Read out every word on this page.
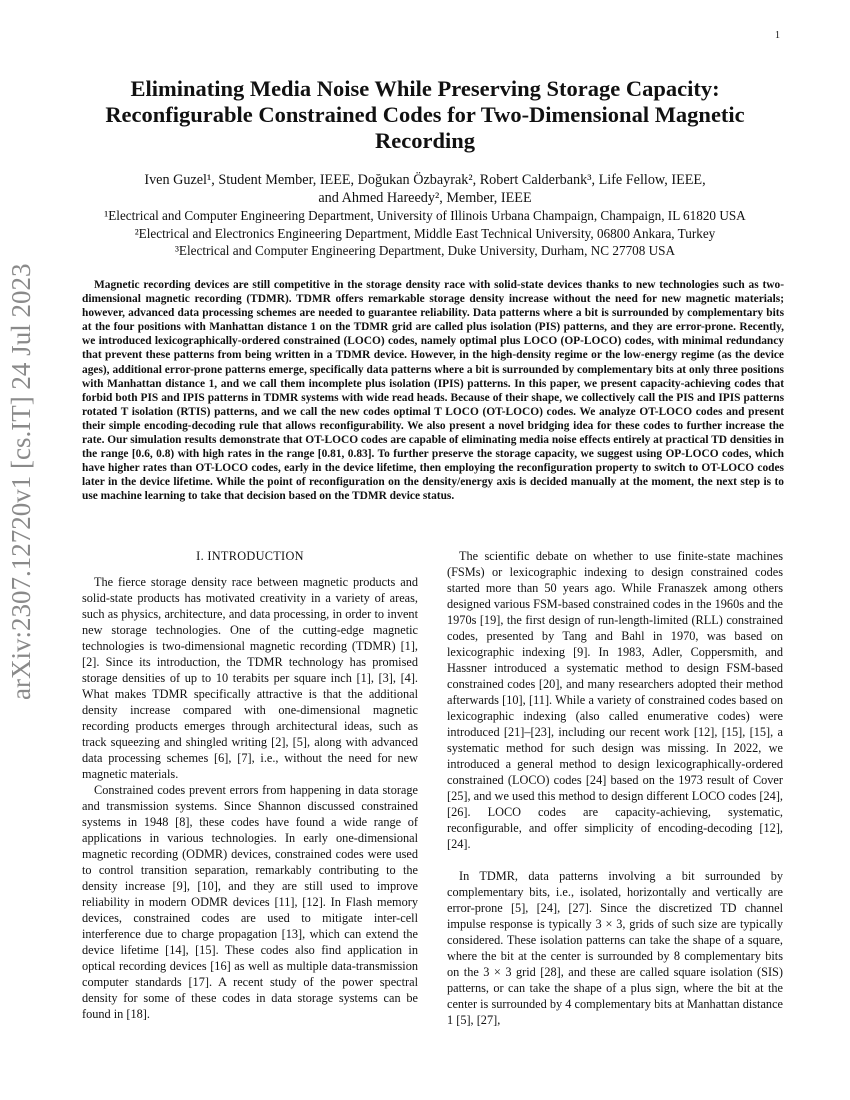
1
arXiv:2307.12720v1 [cs.IT] 24 Jul 2023
Eliminating Media Noise While Preserving Storage Capacity: Reconfigurable Constrained Codes for Two-Dimensional Magnetic Recording
Iven Guzel¹, Student Member, IEEE, Doğukan Özbayrak², Robert Calderbank³, Life Fellow, IEEE,
and Ahmed Hareedy², Member, IEEE
¹Electrical and Computer Engineering Department, University of Illinois Urbana Champaign, Champaign, IL 61820 USA
²Electrical and Electronics Engineering Department, Middle East Technical University, 06800 Ankara, Turkey
³Electrical and Computer Engineering Department, Duke University, Durham, NC 27708 USA
Magnetic recording devices are still competitive in the storage density race with solid-state devices thanks to new technologies such as two-dimensional magnetic recording (TDMR). TDMR offers remarkable storage density increase without the need for new magnetic materials; however, advanced data processing schemes are needed to guarantee reliability. Data patterns where a bit is surrounded by complementary bits at the four positions with Manhattan distance 1 on the TDMR grid are called plus isolation (PIS) patterns, and they are error-prone. Recently, we introduced lexicographically-ordered constrained (LOCO) codes, namely optimal plus LOCO (OP-LOCO) codes, with minimal redundancy that prevent these patterns from being written in a TDMR device. However, in the high-density regime or the low-energy regime (as the device ages), additional error-prone patterns emerge, specifically data patterns where a bit is surrounded by complementary bits at only three positions with Manhattan distance 1, and we call them incomplete plus isolation (IPIS) patterns. In this paper, we present capacity-achieving codes that forbid both PIS and IPIS patterns in TDMR systems with wide read heads. Because of their shape, we collectively call the PIS and IPIS patterns rotated T isolation (RTIS) patterns, and we call the new codes optimal T LOCO (OT-LOCO) codes. We analyze OT-LOCO codes and present their simple encoding-decoding rule that allows reconfigurability. We also present a novel bridging idea for these codes to further increase the rate. Our simulation results demonstrate that OT-LOCO codes are capable of eliminating media noise effects entirely at practical TD densities in the range [0.6, 0.8) with high rates in the range [0.81, 0.83]. To further preserve the storage capacity, we suggest using OP-LOCO codes, which have higher rates than OT-LOCO codes, early in the device lifetime, then employing the reconfiguration property to switch to OT-LOCO codes later in the device lifetime. While the point of reconfiguration on the density/energy axis is decided manually at the moment, the next step is to use machine learning to take that decision based on the TDMR device status.
I. INTRODUCTION

The fierce storage density race between magnetic products and solid-state products has motivated creativity in a variety of areas, such as physics, architecture, and data processing, in order to invent new storage technologies. One of the cutting-edge magnetic technologies is two-dimensional magnetic recording (TDMR) [1], [2]. Since its introduction, the TDMR technology has promised storage densities of up to 10 terabits per square inch [1], [3], [4]. What makes TDMR specifically attractive is that the additional density increase compared with one-dimensional magnetic recording products emerges through architectural ideas, such as track squeezing and shingled writing [2], [5], along with advanced data processing schemes [6], [7], i.e., without the need for new magnetic materials.

Constrained codes prevent errors from happening in data storage and transmission systems. Since Shannon discussed constrained systems in 1948 [8], these codes have found a wide range of applications in various technologies. In early one-dimensional magnetic recording (ODMR) devices, constrained codes were used to control transition separation, remarkably contributing to the density increase [9], [10], and they are still used to improve reliability in modern ODMR devices [11], [12]. In Flash memory devices, constrained codes are used to mitigate inter-cell interference due to charge propagation [13], which can extend the device lifetime [14], [15]. These codes also find application in optical recording devices [16] as well as multiple data-transmission computer standards [17]. A recent study of the power spectral density for some of these codes in data storage systems can be found in [18].

The scientific debate on whether to use finite-state machines (FSMs) or lexicographic indexing to design constrained codes started more than 50 years ago. While Franaszek among others designed various FSM-based constrained codes in the 1960s and the 1970s [19], the first design of run-length-limited (RLL) constrained codes, presented by Tang and Bahl in 1970, was based on lexicographic indexing [9]. In 1983, Adler, Coppersmith, and Hassner introduced a systematic method to design FSM-based constrained codes [20], and many researchers adopted their method afterwards [10], [11]. While a variety of constrained codes based on lexicographic indexing (also called enumerative codes) were introduced [21]–[23], including our recent work [12], [15], [15], a systematic method for such design was missing. In 2022, we introduced a general method to design lexicographically-ordered constrained (LOCO) codes [24] based on the 1973 result of Cover [25], and we used this method to design different LOCO codes [24], [26]. LOCO codes are capacity-achieving, systematic, reconfigurable, and offer simplicity of encoding-decoding [12], [24].

In TDMR, data patterns involving a bit surrounded by complementary bits, i.e., isolated, horizontally and vertically are error-prone [5], [24], [27]. Since the discretized TD channel impulse response is typically 3 × 3, grids of such size are typically considered. These isolation patterns can take the shape of a square, where the bit at the center is surrounded by 8 complementary bits on the 3 × 3 grid [28], and these are called square isolation (SIS) patterns, or can take the shape of a plus sign, where the bit at the center is surrounded by 4 complementary bits at Manhattan distance 1 [5], [27],
